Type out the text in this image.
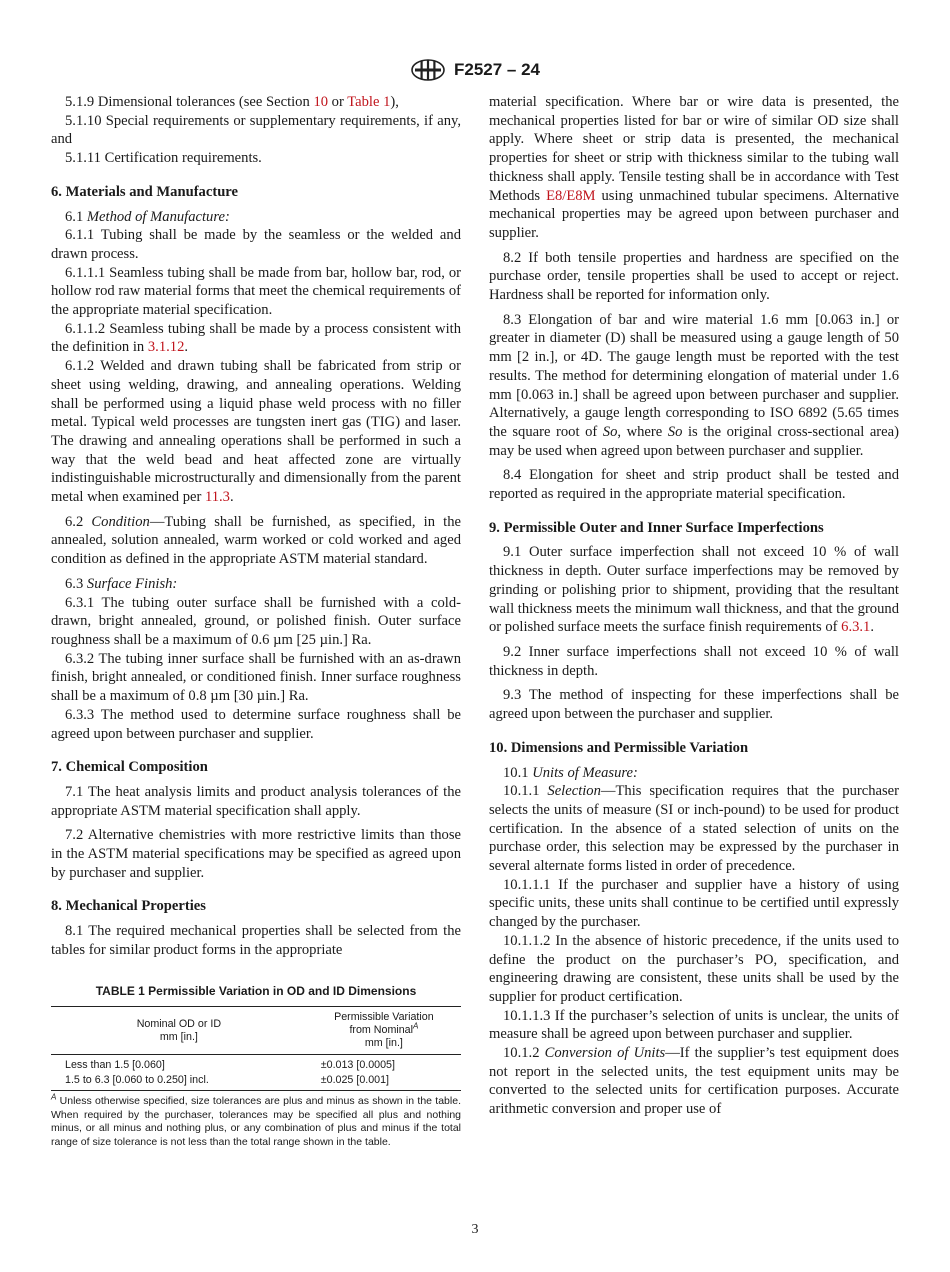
F2527 – 24

5.1.9 Dimensional tolerances (see Section 10 or Table 1),

5.1.10 Special requirements or supplementary requirements, if any, and

5.1.11 Certification requirements.

6. Materials and Manufacture

6.1 Method of Manufacture:

6.1.1 Tubing shall be made by the seamless or the welded and drawn process.

6.1.1.1 Seamless tubing shall be made from bar, hollow bar, rod, or hollow rod raw material forms that meet the chemical requirements of the appropriate material specification.

6.1.1.2 Seamless tubing shall be made by a process consistent with the definition in 3.1.12.

6.1.2 Welded and drawn tubing shall be fabricated from strip or sheet using welding, drawing, and annealing operations. Welding shall be performed using a liquid phase weld process with no filler metal. Typical weld processes are tungsten inert gas (TIG) and laser. The drawing and annealing operations shall be performed in such a way that the weld bead and heat affected zone are virtually indistinguishable microstructurally and dimensionally from the parent metal when examined per 11.3.

6.2 Condition—Tubing shall be furnished, as specified, in the annealed, solution annealed, warm worked or cold worked and aged condition as defined in the appropriate ASTM material standard.

6.3 Surface Finish:

6.3.1 The tubing outer surface shall be furnished with a cold-drawn, bright annealed, ground, or polished finish. Outer surface roughness shall be a maximum of 0.6 µm [25 µin.] Ra.

6.3.2 The tubing inner surface shall be furnished with an as-drawn finish, bright annealed, or conditioned finish. Inner surface roughness shall be a maximum of 0.8 µm [30 µin.] Ra.

6.3.3 The method used to determine surface roughness shall be agreed upon between purchaser and supplier.

7. Chemical Composition

7.1 The heat analysis limits and product analysis tolerances of the appropriate ASTM material specification shall apply.

7.2 Alternative chemistries with more restrictive limits than those in the ASTM material specifications may be specified as agreed upon by purchaser and supplier.

8. Mechanical Properties

8.1 The required mechanical properties shall be selected from the tables for similar product forms in the appropriate

TABLE 1 Permissible Variation in OD and ID Dimensions
Nominal OD or ID
mm [in.]	Permissible Variation
from Nominal$^A$
mm [in.]
Less than 1.5 [0.060]	±0.013 [0.0005]
1.5 to 6.3 [0.060 to 0.250] incl.	±0.025 [0.001]
$^A$ Unless otherwise specified, size tolerances are plus and minus as shown in the table. When required by the purchaser, tolerances may be specified all plus and nothing minus, or all minus and nothing plus, or any combination of plus and minus if the total range of size tolerance is not less than the total range shown in the table.

material specification. Where bar or wire data is presented, the mechanical properties listed for bar or wire of similar OD size shall apply. Where sheet or strip data is presented, the mechanical properties for sheet or strip with thickness similar to the tubing wall thickness shall apply. Tensile testing shall be in accordance with Test Methods E8/E8M using unmachined tubular specimens. Alternative mechanical properties may be agreed upon between purchaser and supplier.

8.2 If both tensile properties and hardness are specified on the purchase order, tensile properties shall be used to accept or reject. Hardness shall be reported for information only.

8.3 Elongation of bar and wire material 1.6 mm [0.063 in.] or greater in diameter (D) shall be measured using a gauge length of 50 mm [2 in.], or 4D. The gauge length must be reported with the test results. The method for determining elongation of material under 1.6 mm [0.063 in.] shall be agreed upon between purchaser and supplier. Alternatively, a gauge length corresponding to ISO 6892 (5.65 times the square root of So, where So is the original cross-sectional area) may be used when agreed upon between purchaser and supplier.

8.4 Elongation for sheet and strip product shall be tested and reported as required in the appropriate material specification.

9. Permissible Outer and Inner Surface Imperfections

9.1 Outer surface imperfection shall not exceed 10 % of wall thickness in depth. Outer surface imperfections may be removed by grinding or polishing prior to shipment, providing that the resultant wall thickness meets the minimum wall thickness, and that the ground or polished surface meets the surface finish requirements of 6.3.1.

9.2 Inner surface imperfections shall not exceed 10 % of wall thickness in depth.

9.3 The method of inspecting for these imperfections shall be agreed upon between the purchaser and supplier.

10. Dimensions and Permissible Variation

10.1 Units of Measure:

10.1.1 Selection—This specification requires that the purchaser selects the units of measure (SI or inch-pound) to be used for product certification. In the absence of a stated selection of units on the purchase order, this selection may be expressed by the purchaser in several alternate forms listed in order of precedence.

10.1.1.1 If the purchaser and supplier have a history of using specific units, these units shall continue to be certified until expressly changed by the purchaser.

10.1.1.2 In the absence of historic precedence, if the units used to define the product on the purchaser’s PO, specification, and engineering drawing are consistent, these units shall be used by the supplier for product certification.

10.1.1.3 If the purchaser’s selection of units is unclear, the units of measure shall be agreed upon between purchaser and supplier.

10.1.2 Conversion of Units—If the supplier’s test equipment does not report in the selected units, the test equipment units may be converted to the selected units for certification purposes. Accurate arithmetic conversion and proper use of

3
